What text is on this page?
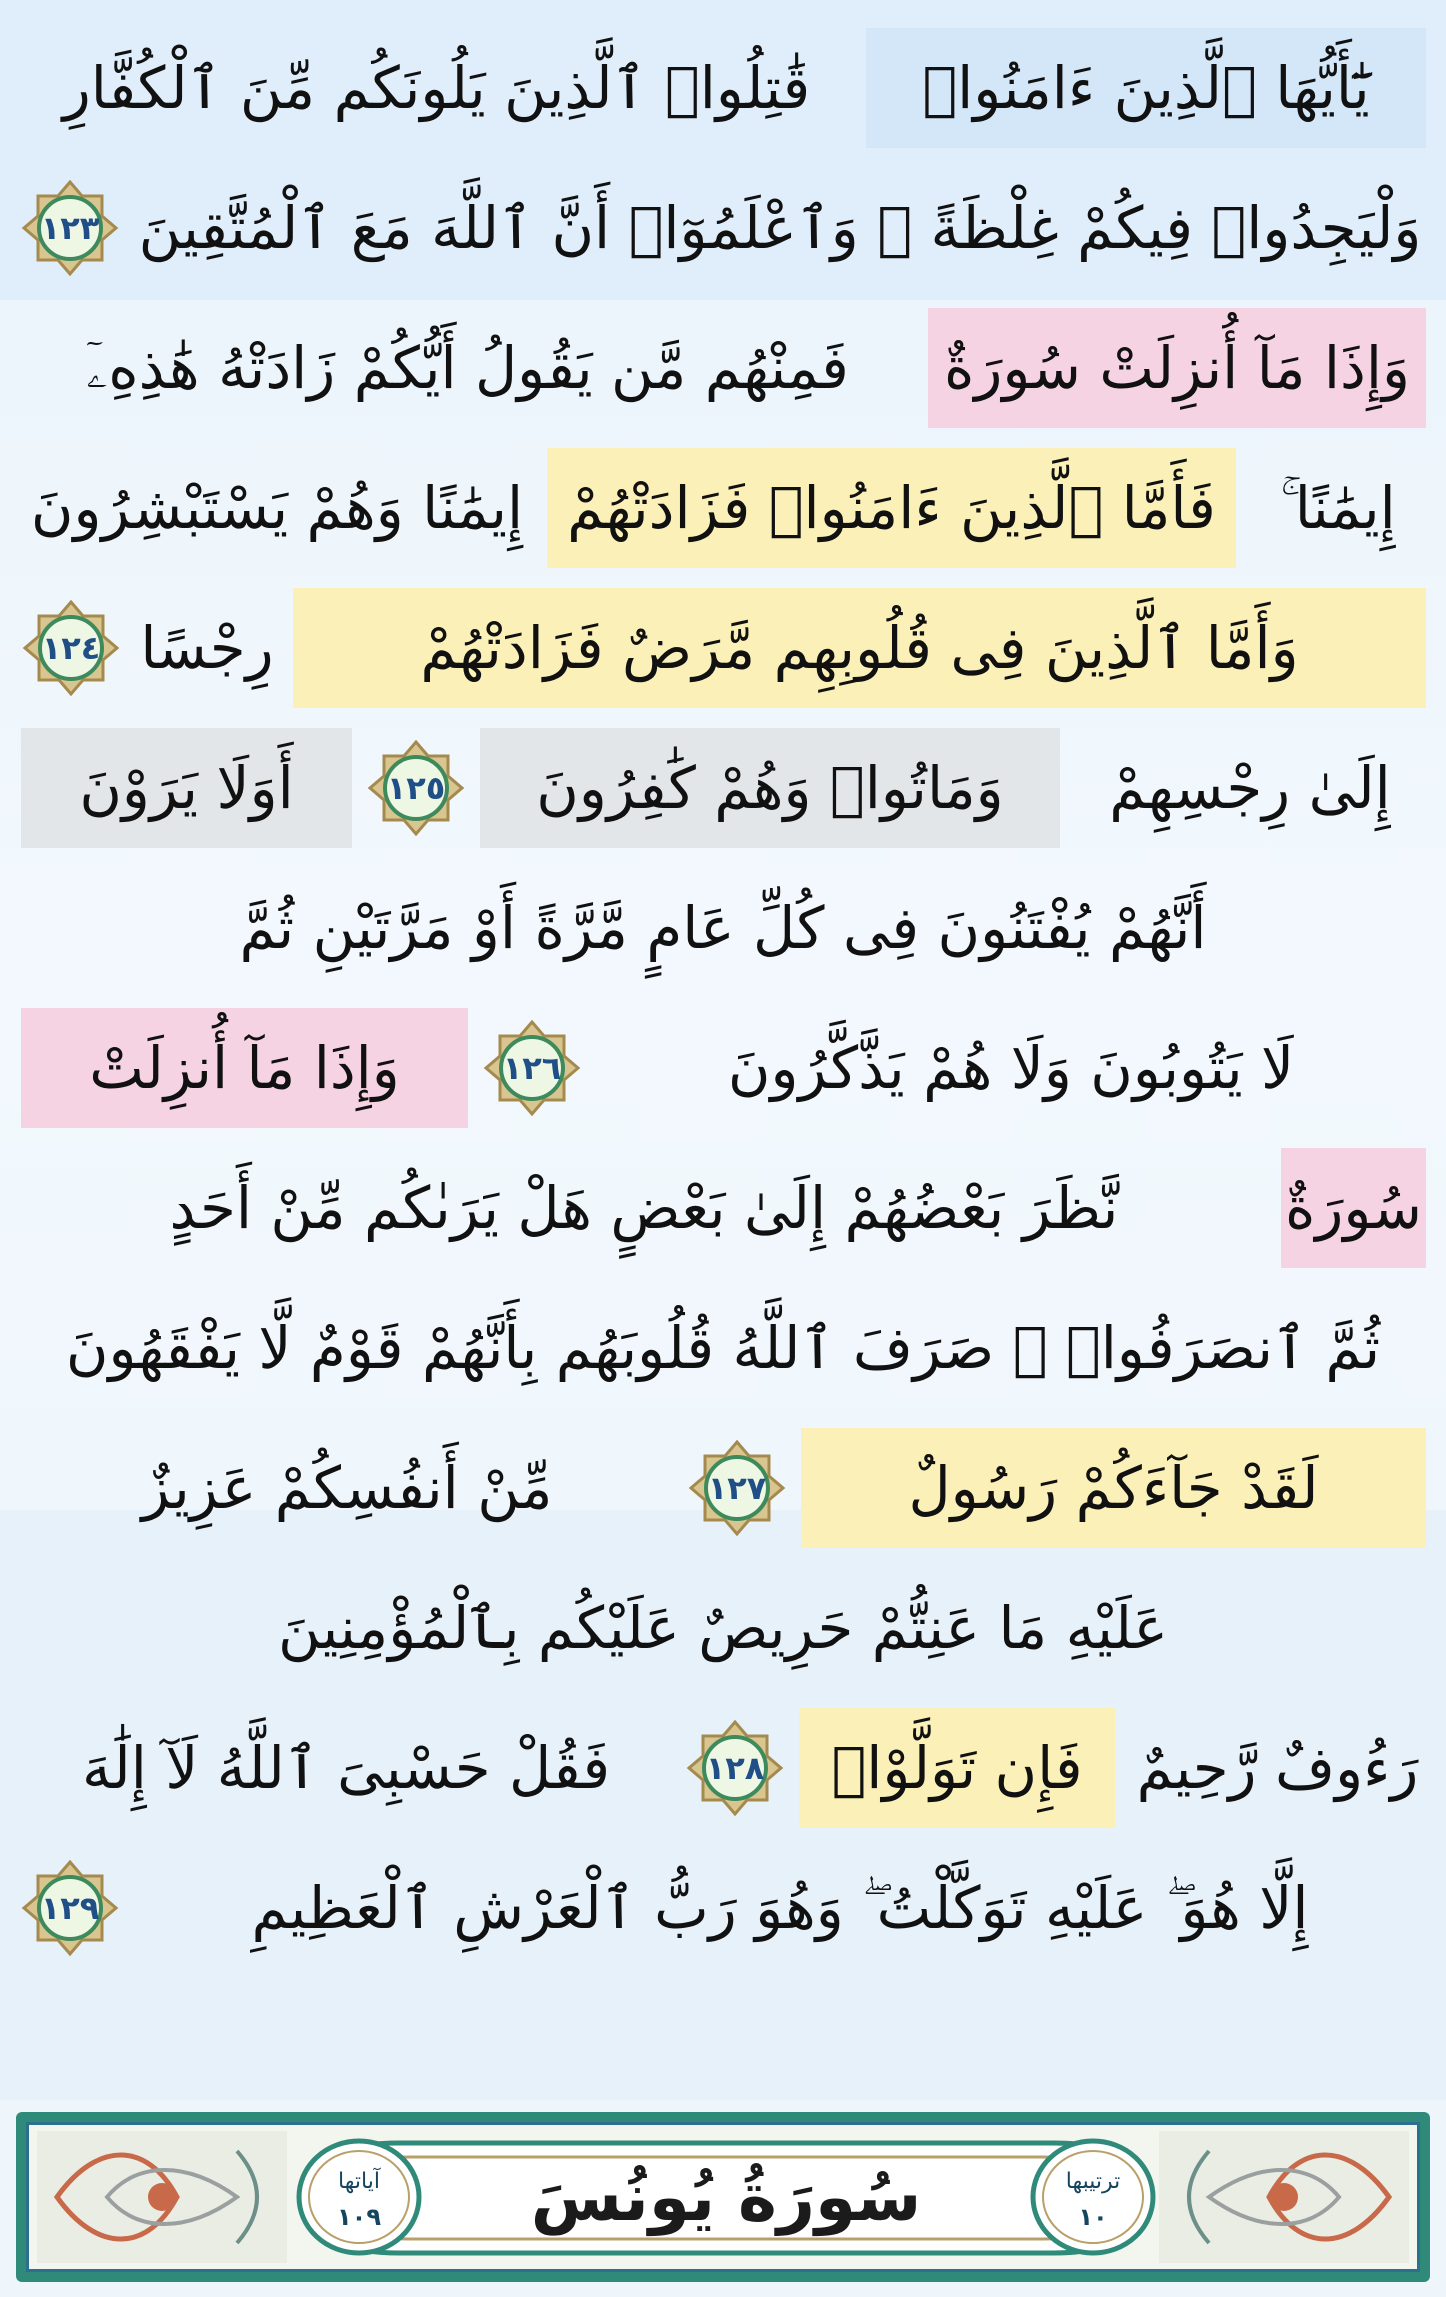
يَٰٓأَيُّهَا ٱلَّذِينَ ءَامَنُوا۟
قَٰتِلُوا۟ ٱلَّذِينَ يَلُونَكُم مِّنَ ٱلْكُفَّارِ
وَلْيَجِدُوا۟ فِيكُمْ غِلْظَةً ۚ وَٱعْلَمُوٓا۟ أَنَّ ٱللَّهَ مَعَ ٱلْمُتَّقِينَ
١٢٣
وَإِذَا مَآ أُنزِلَتْ سُورَةٌ
فَمِنْهُم مَّن يَقُولُ أَيُّكُمْ زَادَتْهُ هَٰذِهِۦٓ
إِيمَٰنًا ۚ
فَأَمَّا ٱلَّذِينَ ءَامَنُوا۟ فَزَادَتْهُمْ
إِيمَٰنًا وَهُمْ يَسْتَبْشِرُونَ
وَأَمَّا ٱلَّذِينَ فِى قُلُوبِهِم مَّرَضٌ فَزَادَتْهُمْ
رِجْسًا
١٢٤
إِلَىٰ رِجْسِهِمْ
وَمَاتُوا۟ وَهُمْ كَٰفِرُونَ
١٢٥
أَوَلَا يَرَوْنَ
أَنَّهُمْ يُفْتَنُونَ فِى كُلِّ عَامٍ مَّرَّةً أَوْ مَرَّتَيْنِ ثُمَّ
لَا يَتُوبُونَ وَلَا هُمْ يَذَّكَّرُونَ
١٢٦
وَإِذَا مَآ أُنزِلَتْ
سُورَةٌ
نَّظَرَ بَعْضُهُمْ إِلَىٰ بَعْضٍ هَلْ يَرَىٰكُم مِّنْ أَحَدٍ
ثُمَّ ٱنصَرَفُوا۟ ۚ صَرَفَ ٱللَّهُ قُلُوبَهُم بِأَنَّهُمْ قَوْمٌ لَّا يَفْقَهُونَ
لَقَدْ جَآءَكُمْ رَسُولٌ
١٢٧
مِّنْ أَنفُسِكُمْ عَزِيزٌ
عَلَيْهِ مَا عَنِتُّمْ حَرِيصٌ عَلَيْكُم بِٱلْمُؤْمِنِينَ
رَءُوفٌ رَّحِيمٌ
فَإِن تَوَلَّوْا۟
١٢٨
فَقُلْ حَسْبِىَ ٱللَّهُ لَآ إِلَٰهَ
إِلَّا هُوَ ۖ عَلَيْهِ تَوَكَّلْتُ ۖ وَهُوَ رَبُّ ٱلْعَرْشِ ٱلْعَظِيمِ
١٢٩
ترتيبها
١٠
آياتها
١٠٩	سُورَةُ يُونُسَ
